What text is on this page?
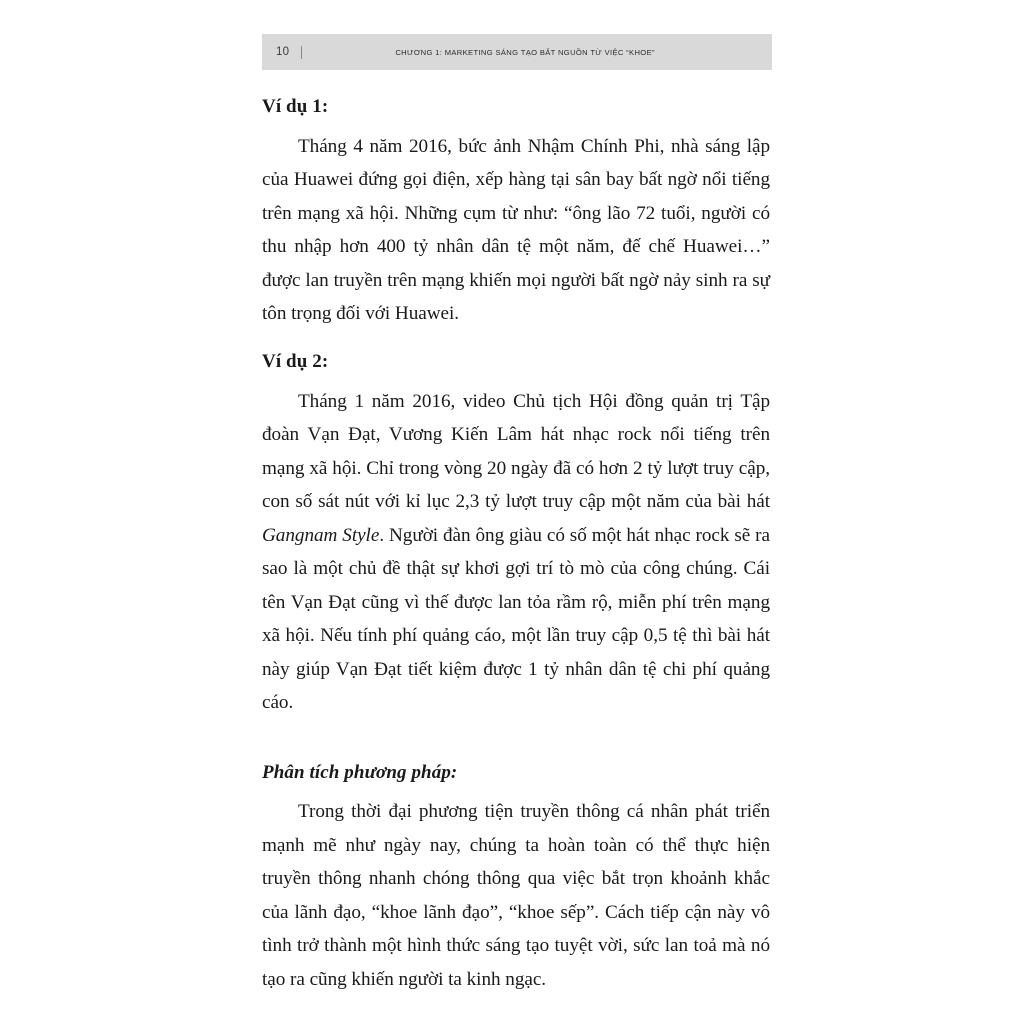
10	CHƯƠNG 1: MARKETING SÁNG TẠO BẮT NGUỒN TỪ VIỆC “KHOE”
Ví dụ 1:

Tháng 4 năm 2016, bức ảnh Nhậm Chính Phi, nhà sáng lập của Huawei đứng gọi điện, xếp hàng tại sân bay bất ngờ nổi tiếng trên mạng xã hội. Những cụm từ như: “ông lão 72 tuổi, người có thu nhập hơn 400 tỷ nhân dân tệ một năm, đế chế Huawei…” được lan truyền trên mạng khiến mọi người bất ngờ nảy sinh ra sự tôn trọng đối với Huawei.

Ví dụ 2:

Tháng 1 năm 2016, video Chủ tịch Hội đồng quản trị Tập đoàn Vạn Đạt, Vương Kiến Lâm hát nhạc rock nổi tiếng trên mạng xã hội. Chỉ trong vòng 20 ngày đã có hơn 2 tỷ lượt truy cập, con số sát nút với kỉ lục 2,3 tỷ lượt truy cập một năm của bài hát Gangnam Style. Người đàn ông giàu có số một hát nhạc rock sẽ ra sao là một chủ đề thật sự khơi gợi trí tò mò của công chúng. Cái tên Vạn Đạt cũng vì thế được lan tỏa rầm rộ, miễn phí trên mạng xã hội. Nếu tính phí quảng cáo, một lần truy cập 0,5 tệ thì bài hát này giúp Vạn Đạt tiết kiệm được 1 tỷ nhân dân tệ chi phí quảng cáo.

Phân tích phương pháp:

Trong thời đại phương tiện truyền thông cá nhân phát triển mạnh mẽ như ngày nay, chúng ta hoàn toàn có thể thực hiện truyền thông nhanh chóng thông qua việc bắt trọn khoảnh khắc của lãnh đạo, “khoe lãnh đạo”, “khoe sếp”. Cách tiếp cận này vô tình trở thành một hình thức sáng tạo tuyệt vời, sức lan toả mà nó tạo ra cũng khiến người ta kinh ngạc.
